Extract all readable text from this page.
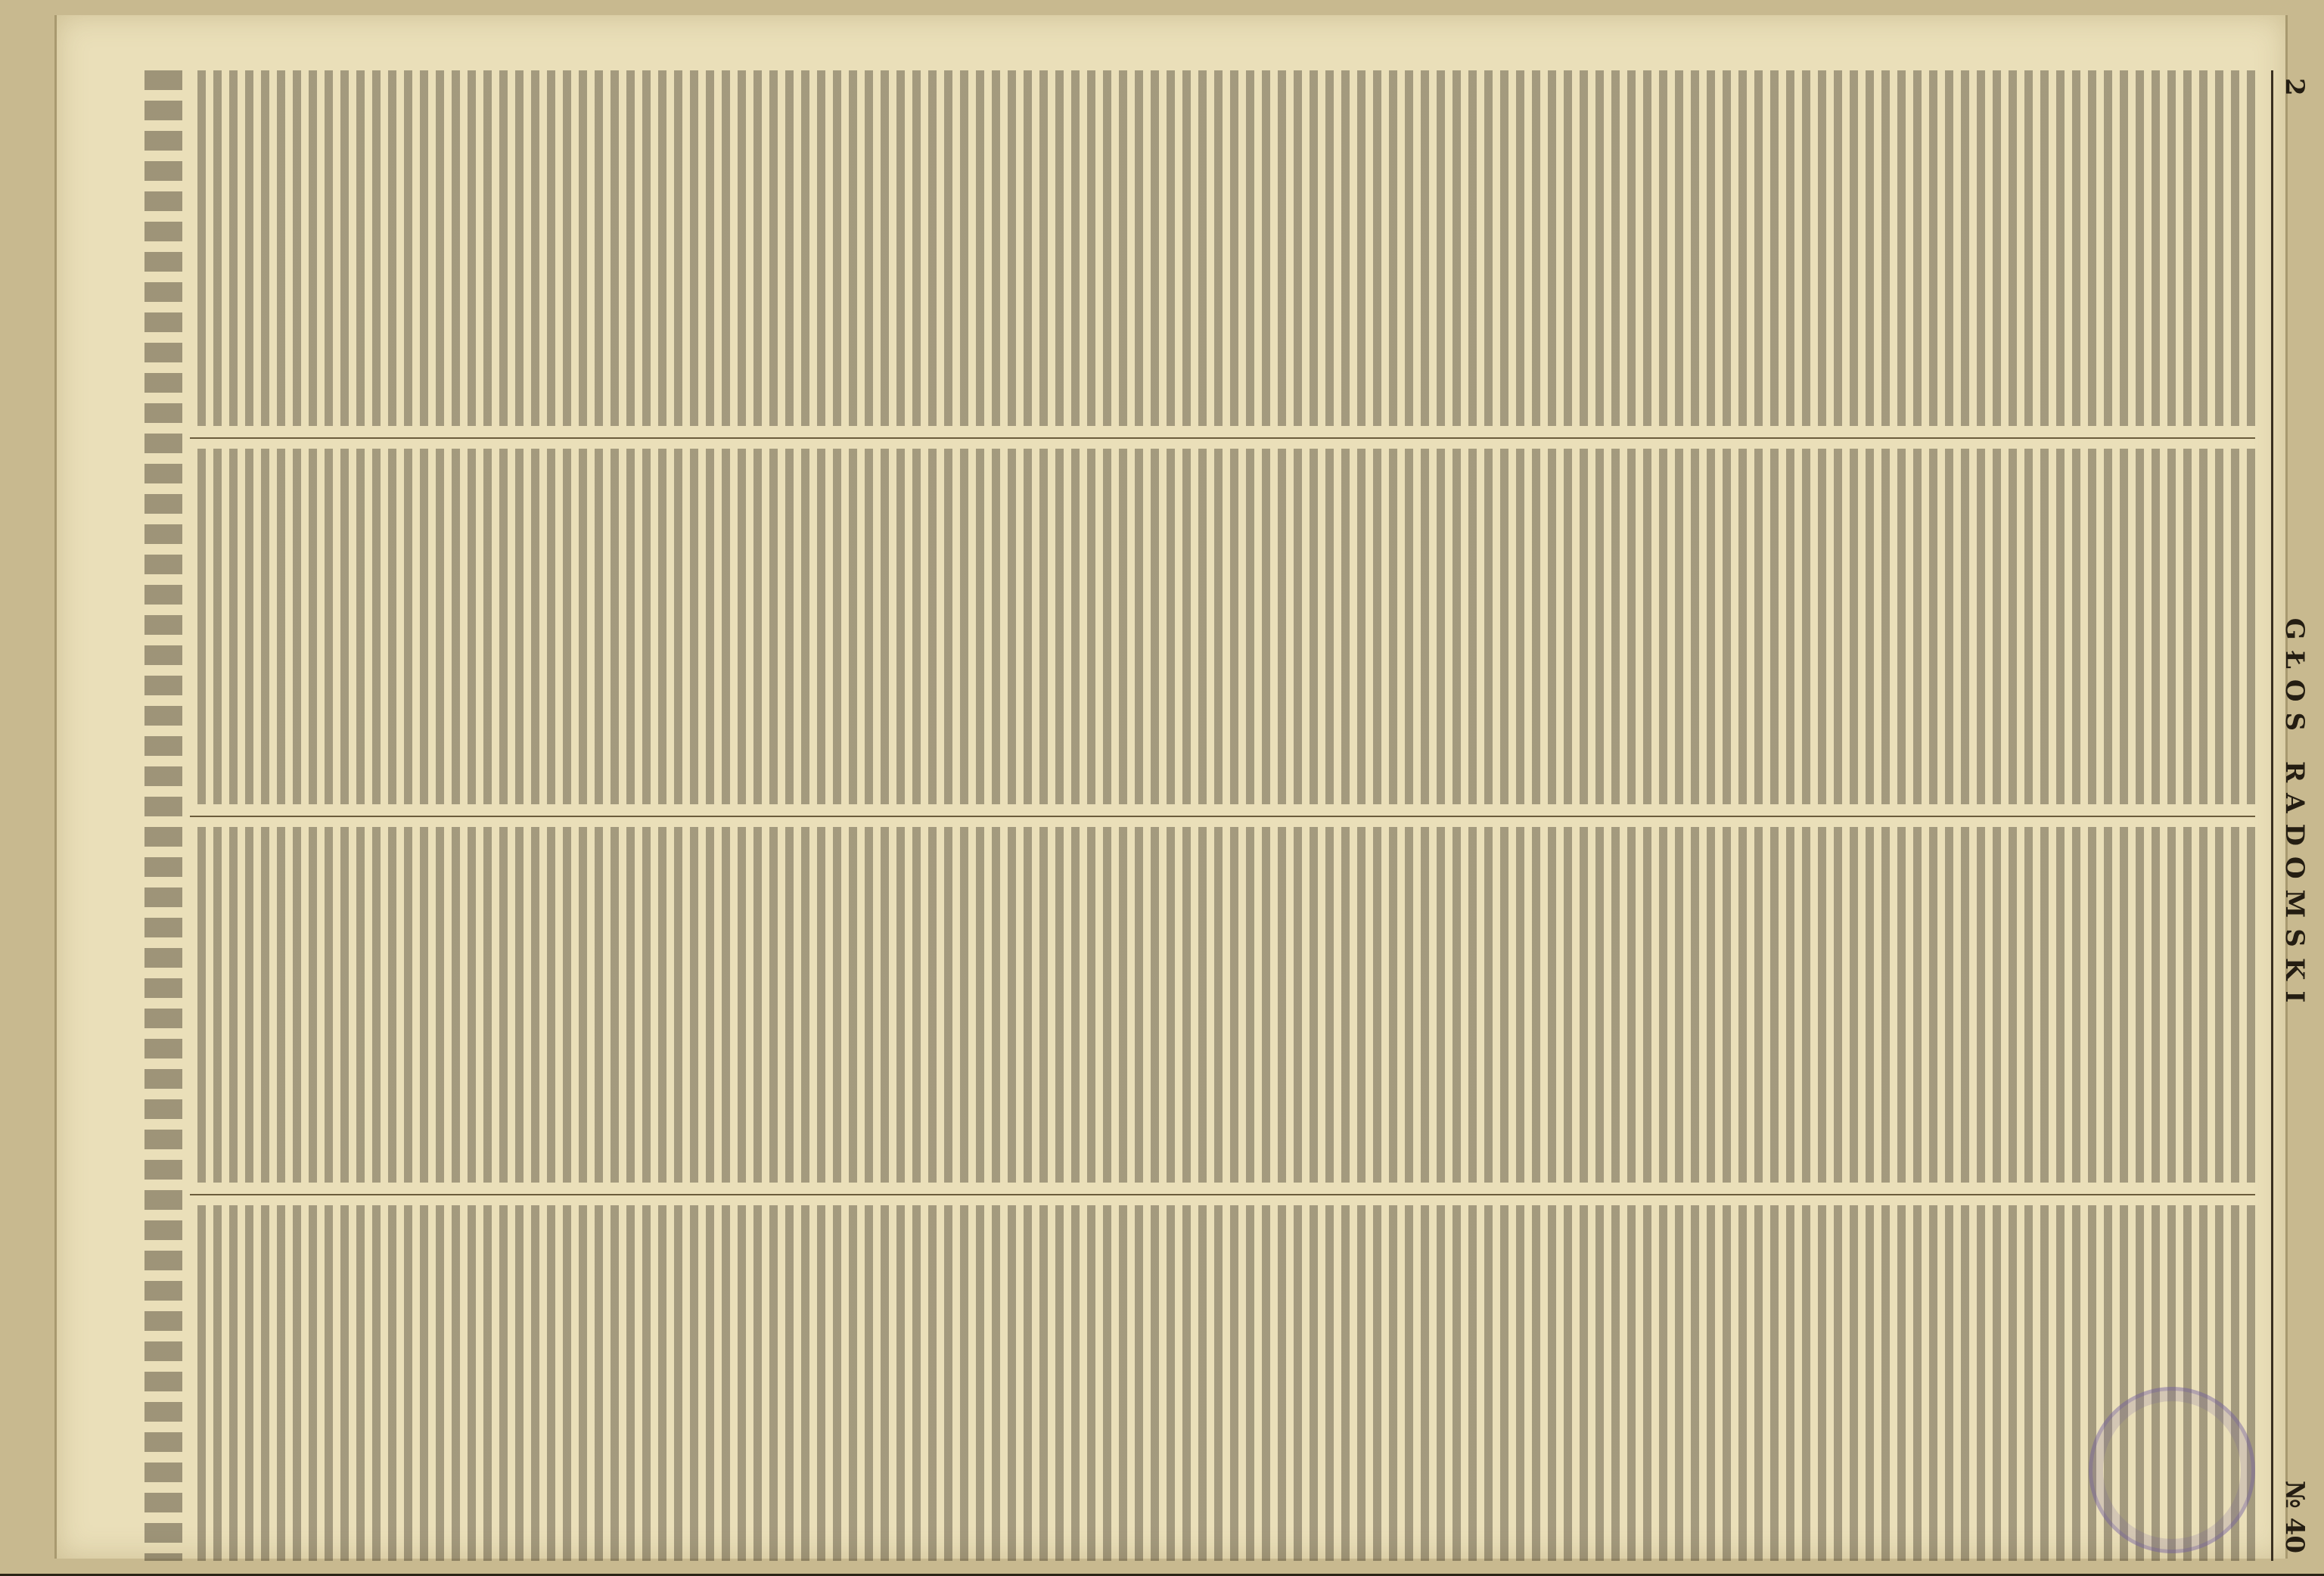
2
GŁOS RADOMSKI
№ 40
